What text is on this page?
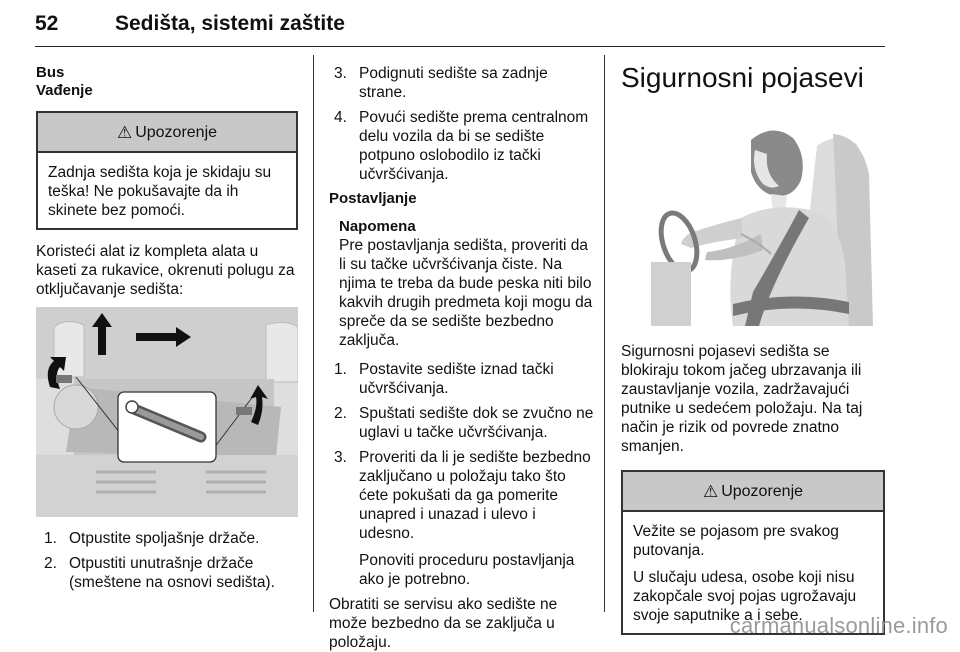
52	Sedišta, sistemi zaštite

Bus

Vađenje

⚠ Upozorenje

Zadnja sedišta koja je skidaju su teška! Ne pokušavajte da ih skinete bez pomoći.

Koristeći alat iz kompleta alata u kaseti za rukavice, okrenuti polugu za otključavanje sedišta:

1. Otpustite spoljašnje držače.
2. Otpustiti unutrašnje držače (smeštene na osnovi sedišta).
3. Podignuti sedište sa zadnje strane.
4. Povući sedište prema centralnom delu vozila da bi se sedište potpuno oslobodilo iz tački učvršćivanja.

Postavljanje

Napomena

Pre postavljanja sedišta, proveriti da li su tačke učvršćivanja čiste. Na njima te treba da bude peska niti bilo kakvih drugih predmeta koji mogu da spreče da se sedište bezbedno zaključa.

1. Postavite sedište iznad tački učvršćivanja.
2. Spuštati sedište dok se zvučno ne uglavi u tačke učvršćivanja.
3. Proveriti da li je sedište bezbedno zaključano u položaju tako što ćete pokušati da ga pomerite unapred i unazad i ulevo i udesno.

Ponoviti proceduru postavljanja ako je potrebno.

Obratiti se servisu ako sedište ne može bezbedno da se zaključa u položaju.

Sigurnosni pojasevi

Sigurnosni pojasevi sedišta se blokiraju tokom jačeg ubrzavanja ili zaustavljanje vozila, zadržavajući putnike u sedećem položaju. Na taj način je rizik od povrede znatno smanjen.

⚠ Upozorenje

Vežite se pojasom pre svakog putovanja.

U slučaju udesa, osobe koji nisu zakopčale svoj pojas ugrožavaju svoje saputnike a i sebe.

carmanualsonline.info
